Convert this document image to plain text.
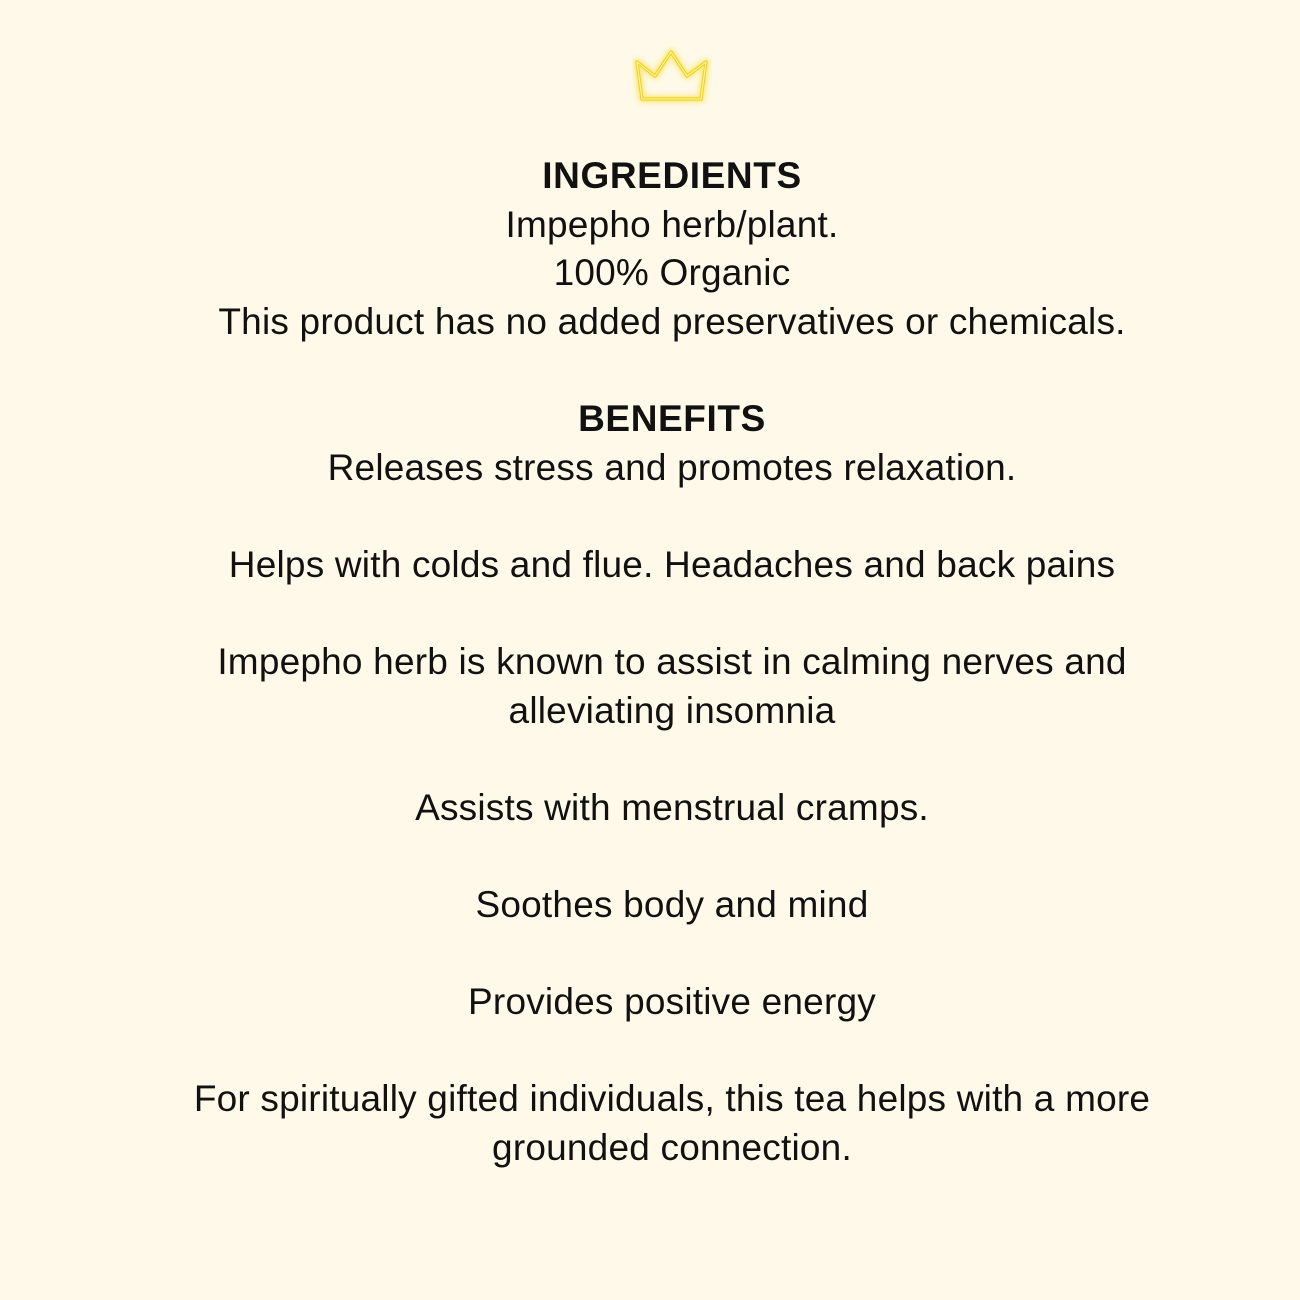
INGREDIENTS

Impepho herb/plant.

100% Organic

This product has no added preservatives or chemicals.

BENEFITS

Releases stress and promotes relaxation.

Helps with colds and flue. Headaches and back pains

Impepho herb is known to assist in calming nerves and

alleviating insomnia

Assists with menstrual cramps.

Soothes body and mind

Provides positive energy

For spiritually gifted individuals, this tea helps with a more

grounded connection.
